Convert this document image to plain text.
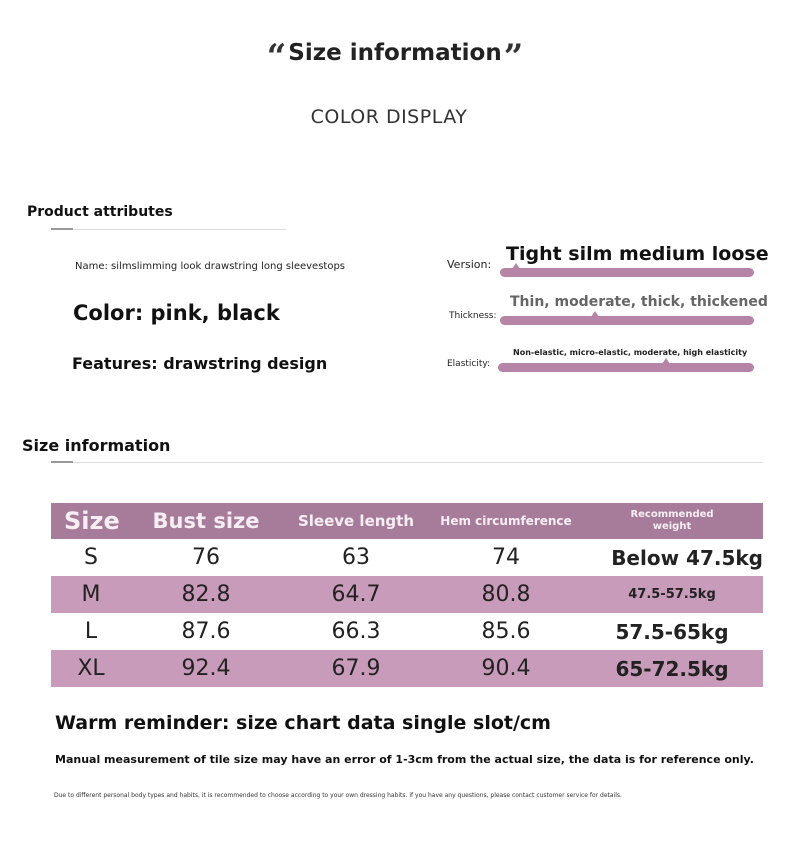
“Size information”
COLOR DISPLAY
Product attributes
Name: silmslimming look drawstring long sleevestops
Color: pink, black
Features: drawstring design
Version: Tight silm medium loose
Thickness:
Thin, moderate, thick, thickened
Elasticity:
Non-elastic, micro-elastic, moderate, high elasticity
Size information
Size	Bust size	Sleeve length	Hem circumference	Recommended weight
S	76	63	74	Below 47.5kg
M	82.8	64.7	80.8	47.5-57.5kg
L	87.6	66.3	85.6	57.5-65kg
XL	92.4	67.9	90.4	65-72.5kg
Warm reminder: size chart data single slot/cm
Manual measurement of tile size may have an error of 1-3cm from the actual size, the data is for reference only.
Due to different personal body types and habits, it is recommended to choose according to your own dressing habits. if you have any questions, please contact customer service for details.
